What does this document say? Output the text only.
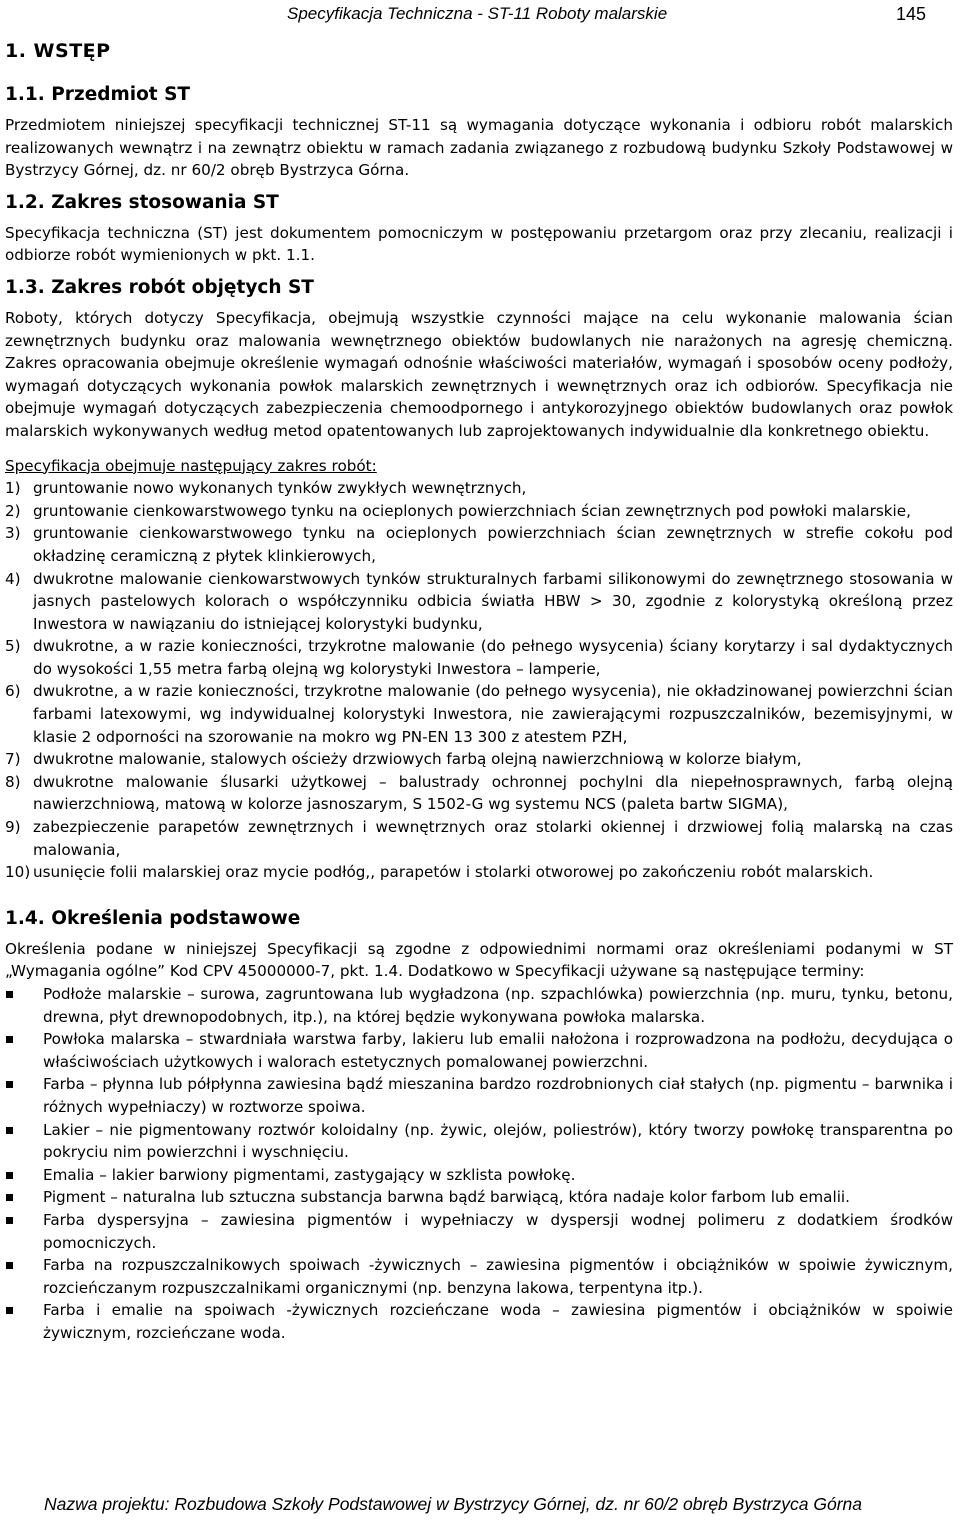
Specyfikacja Techniczna - ST-11 Roboty malarskie	145
1. WSTĘP
1.1. Przedmiot ST

Przedmiotem niniejszej specyfikacji technicznej ST-11 są wymagania dotyczące wykonania i odbioru robót malarskich realizowanych wewnątrz i na zewnątrz obiektu w ramach zadania związanego z rozbudową budynku Szkoły Podstawowej w Bystrzycy Górnej, dz. nr 60/2 obręb Bystrzyca Górna.

1.2. Zakres stosowania ST

Specyfikacja techniczna (ST) jest dokumentem pomocniczym w postępowaniu przetargom oraz przy zlecaniu, realizacji i odbiorze robót wymienionych w pkt. 1.1.

1.3. Zakres robót objętych ST

Roboty, których dotyczy Specyfikacja, obejmują wszystkie czynności mające na celu wykonanie malowania ścian zewnętrznych budynku oraz malowania wewnętrznego obiektów budowlanych nie narażonych na agresję chemiczną. Zakres opracowania obejmuje określenie wymagań odnośnie właściwości materiałów, wymagań i sposobów oceny podłoży, wymagań dotyczących wykonania powłok malarskich zewnętrznych i wewnętrznych oraz ich odbiorów. Specyfikacja nie obejmuje wymagań dotyczących zabezpieczenia chemoodpornego i antykorozyjnego obiektów budowlanych oraz powłok malarskich wykonywanych według metod opatentowanych lub zaprojektowanych indywidualnie dla konkretnego obiektu.

Specyfikacja obejmuje następujący zakres robót:
1) gruntowanie nowo wykonanych tynków zwykłych wewnętrznych,
2) gruntowanie cienkowarstwowego tynku na ocieplonych powierzchniach ścian zewnętrznych pod powłoki malarskie,
3) gruntowanie cienkowarstwowego tynku na ocieplonych powierzchniach ścian zewnętrznych w strefie cokołu pod okładzinę ceramiczną z płytek klinkierowych,
4) dwukrotne malowanie cienkowarstwowych tynków strukturalnych farbami silikonowymi do zewnętrznego stosowania w jasnych pastelowych kolorach o współczynniku odbicia światła HBW > 30, zgodnie z kolorystyką określoną przez Inwestora w nawiązaniu do istniejącej kolorystyki budynku,
5) dwukrotne, a w razie konieczności, trzykrotne malowanie (do pełnego wysycenia) ściany korytarzy i sal dydaktycznych do wysokości 1,55 metra farbą olejną wg kolorystyki Inwestora – lamperie,
6) dwukrotne, a w razie konieczności, trzykrotne malowanie (do pełnego wysycenia), nie okładzinowanej powierzchni ścian farbami latexowymi, wg indywidualnej kolorystyki Inwestora, nie zawierającymi rozpuszczalników, bezemisyjnymi, w klasie 2 odporności na szorowanie na mokro wg PN-EN 13 300 z atestem PZH,
7) dwukrotne malowanie, stalowych ościeży drzwiowych farbą olejną nawierzchniową w kolorze białym,
8) dwukrotne malowanie ślusarki użytkowej – balustrady ochronnej pochylni dla niepełnosprawnych, farbą olejną nawierzchniową, matową w kolorze jasnoszarym, S 1502-G wg systemu NCS (paleta bartw SIGMA),
9) zabezpieczenie parapetów zewnętrznych i wewnętrznych oraz stolarki okiennej i drzwiowej folią malarską na czas malowania,
10) usunięcie folii malarskiej oraz mycie podłóg,, parapetów i stolarki otworowej po zakończeniu robót malarskich.
1.4. Określenia podstawowe

Określenia podane w niniejszej Specyfikacji są zgodne z odpowiednimi normami oraz określeniami podanymi w ST „Wymagania ogólne” Kod CPV 45000000-7, pkt. 1.4. Dodatkowo w Specyfikacji używane są następujące terminy:

Podłoże malarskie – surowa, zagruntowana lub wygładzona (np. szpachlówka) powierzchnia (np. muru, tynku, betonu, drewna, płyt drewnopodobnych, itp.), na której będzie wykonywana powłoka malarska.
Powłoka malarska – stwardniała warstwa farby, lakieru lub emalii nałożona i rozprowadzona na podłożu, decydująca o właściwościach użytkowych i walorach estetycznych pomalowanej powierzchni.
Farba – płynna lub półpłynna zawiesina bądź mieszanina bardzo rozdrobnionych ciał stałych (np. pigmentu – barwnika i różnych wypełniaczy) w roztworze spoiwa.
Lakier – nie pigmentowany roztwór koloidalny (np. żywic, olejów, poliestrów), który tworzy powłokę transparentna po pokryciu nim powierzchni i wyschnięciu.
Emalia – lakier barwiony pigmentami, zastygający w szklista powłokę.
Pigment – naturalna lub sztuczna substancja barwna bądź barwiącą, która nadaje kolor farbom lub emalii.
Farba dyspersyjna – zawiesina pigmentów i wypełniaczy w dyspersji wodnej polimeru z dodatkiem środków pomocniczych.
Farba na rozpuszczalnikowych spoiwach -żywicznych – zawiesina pigmentów i obciążników w spoiwie żywicznym, rozcieńczanym rozpuszczalnikami organicznymi (np. benzyna lakowa, terpentyna itp.).
Farba i emalie na spoiwach -żywicznych rozcieńczane woda – zawiesina pigmentów i obciążników w spoiwie żywicznym, rozcieńczane woda.
Nazwa projektu: Rozbudowa Szkoły Podstawowej w Bystrzycy Górnej, dz. nr 60/2 obręb Bystrzyca Górna
